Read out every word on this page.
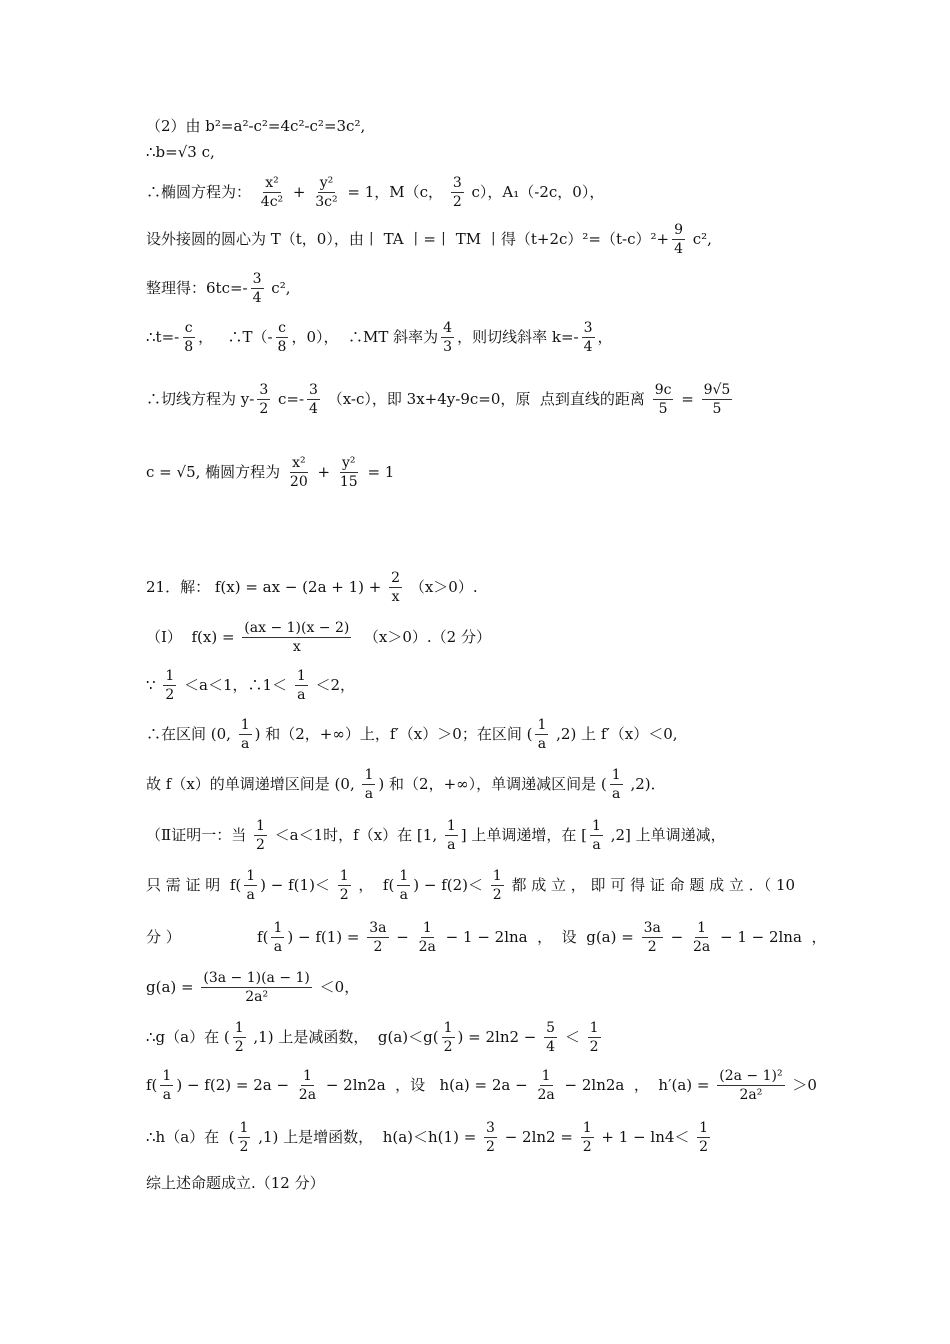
（2）由 b²=a²-c²=4c²-c²=3c²,
∴b=√3 c,
∴椭圆方程为： $\frac{\text{x²}}{\text{4c²}} + \frac{\text{y²}}{\text{3c²}} = 1$，M（c， $\frac{3}{2} c$），A₁（-2c，0），
设外接圆的圆心为 T（t，0），由丨 TA 丨=丨 TM 丨得$(t+2c)^2=(t-c)^2+ \frac{9}{4} c^2$,
整理得：$6tc=- \frac{3}{4} c^2$,
∴t=- $\frac{c}{8}$ ，   ∴T（- $\frac{c}{8}$ ，0），  ∴MT 斜率为 $\frac{4}{3}$ ，则切线斜率 $k=- \frac{3}{4}$ ，
∴切线方程为 $y- \frac{3}{2} c=- \frac{3}{4} (x-c)$，即 3x+4y-9c=0，原  点到直线的距离 $\frac{9c}{5} = \frac{9√5}{5}$
c = √5, 椭圆方程为 $\frac{\text{x²}}{20} + \frac{\text{y²}}{15} = 1$
21．解： f(x) = ax − $(2a + 1) + \frac{2}{x} (x>0)$.
（Ⅰ）  $f(x) = \frac{(ax - 1)(x - 2)}{x} (x>0).(2$ 分）
∵ $\frac{1}{2} <a<1$，∴1＜ $\frac{1}{a} <2$，
∴在区间 (0, $\frac{1}{a}$ ) 和（2，+∞）上，f′（x）＞0；在区间 ( $\frac{1}{a} ,2$) 上 f′（x）＜0,
故 f（x）的单调递增区间是 (0, $\frac{1}{a}$ ) 和（2，+∞），单调递减区间是 ( $\frac{1}{a} ,2$)．
（Ⅱ证明一：当 $\frac{1}{2} <a<1$时，f（x）在 [1, $\frac{1}{a}$ ] 上单调递增，在 [ $\frac{1}{a} ,2$] 上单调递减，
只 需 证 明  $f( \frac{1}{a}$ ) − $f(1)< \frac{1}{2}$ ，  $f( \frac{1}{a}$ ) − $f(2)< \frac{1}{2}$ 都 成 立 ， 即 可 得 证 命 题 成 立 ．（ 10
分 ）                $f( \frac{1}{a}$ ) − $f(1) = \frac{3a}{2} - \frac{1}{2a} - 1 - 2\ln a$  ，  设  $g(a) = \frac{3a}{2} - \frac{1}{2a} - 1 - 2\ln a$  ，
$g(a) = \frac{(3a - 1)(a - 1)}{\text{2a²}} <0$，
∴g（a）在 ( $\frac{1}{2} ,1$) 上是减函数，  $g(a)<g( \frac{1}{2}$ ) = $2\ln 2 - \frac{5}{4} < \frac{1}{2}$
$f( \frac{1}{a}$ ) − $f(2) = 2a - \frac{1}{2a} - 2\ln 2a$  ，设   $h(a) = 2a - \frac{1}{2a} - 2\ln 2a$  ，  $h'(a) = \frac{\text{(2a − 1)²}}{\text{2a²}} >0$
∴h（a）在  ( $\frac{1}{2} ,1$) 上是增函数，  $h(a)<h(1) = \frac{3}{2} - 2\ln 2 = \frac{1}{2} + 1 - \ln 4< \frac{1}{2}$
综上述命题成立.（12 分）
